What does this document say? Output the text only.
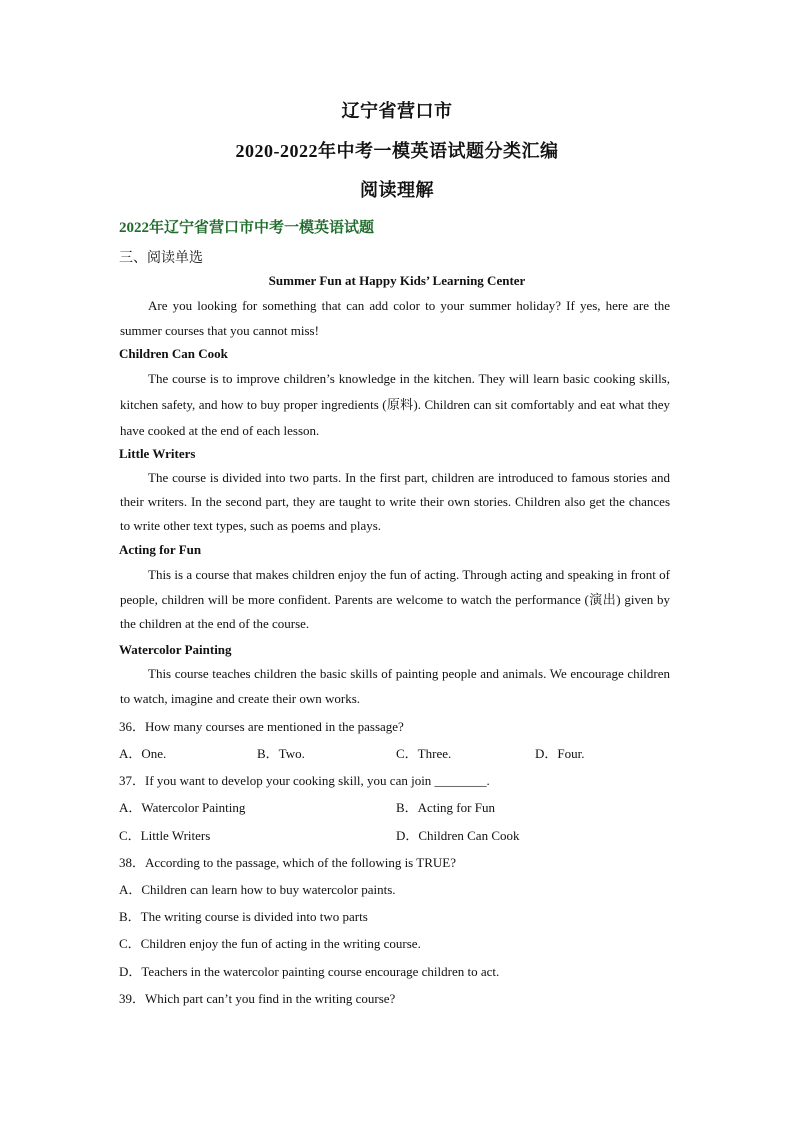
辽宁省营口市
2020-2022年中考一模英语试题分类汇编
阅读理解
2022年辽宁省营口市中考一模英语试题
三、阅读单选
Summer Fun at Happy Kids’ Learning Center
Are you looking for something that can add color to your summer holiday? If yes, here are the summer courses that you cannot miss!
Children Can Cook
The course is to improve children’s knowledge in the kitchen. They will learn basic cooking skills, kitchen safety, and how to buy proper ingredients (原料). Children can sit comfortably and eat what they have cooked at the end of each lesson.
Little Writers
The course is divided into two parts. In the first part, children are introduced to famous stories and their writers. In the second part, they are taught to write their own stories. Children also get the chances to write other text types, such as poems and plays.
Acting for Fun
This is a course that makes children enjoy the fun of acting. Through acting and speaking in front of people, children will be more confident. Parents are welcome to watch the performance (演出) given by the children at the end of the course.
Watercolor Painting
This course teaches children the basic skills of painting people and animals. We encourage children to watch, imagine and create their own works.
36．How many courses are mentioned in the passage?
A．One.	B．Two.	C．Three.	D．Four.
37．If you want to develop your cooking skill, you can join ________.
A．Watercolor Painting	B．Acting for Fun
C．Little Writers	D．Children Can Cook
38．According to the passage, which of the following is TRUE?
A．Children can learn how to buy watercolor paints.
B．The writing course is divided into two parts
C．Children enjoy the fun of acting in the writing course.
D．Teachers in the watercolor painting course encourage children to act.
39．Which part can’t you find in the writing course?
